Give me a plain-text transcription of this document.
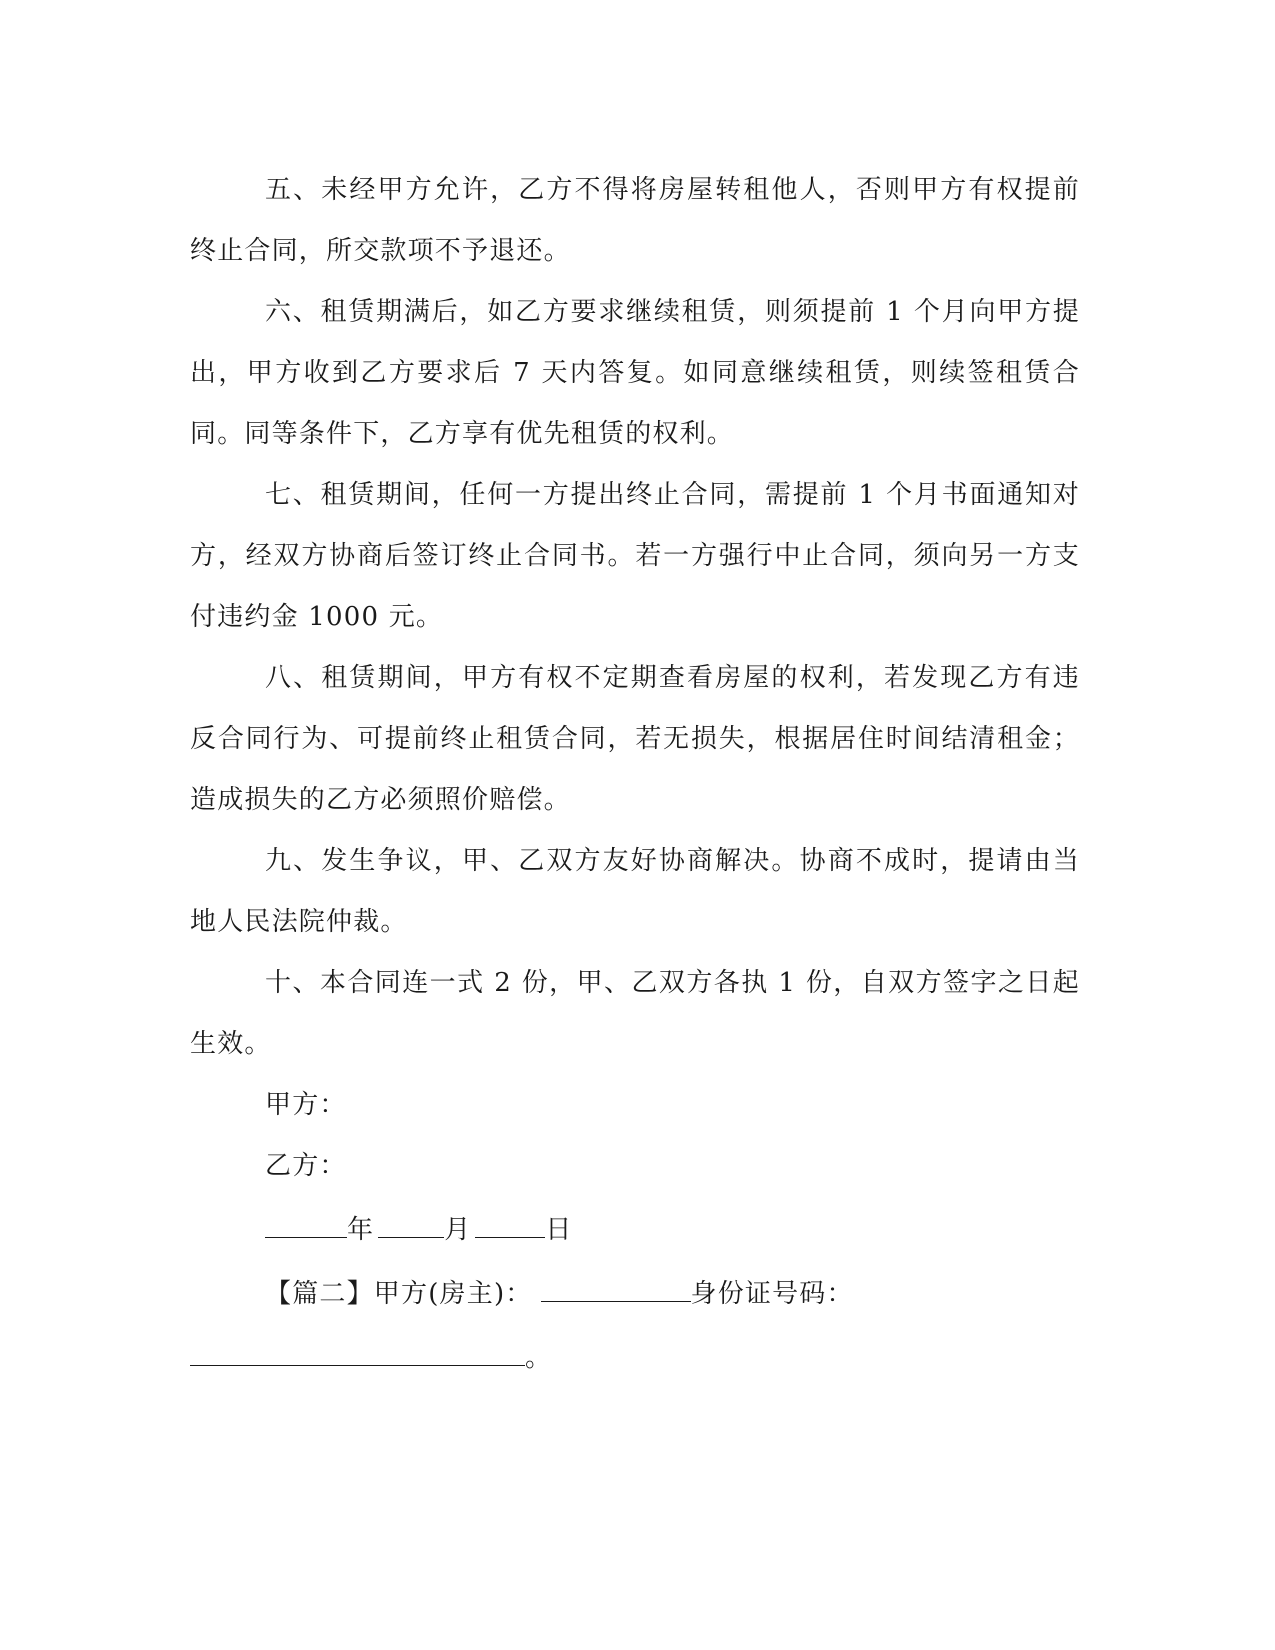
五、未经甲方允许，乙方不得将房屋转租他人，否则甲方有权提前终止合同，所交款项不予退还。

六、租赁期满后，如乙方要求继续租赁，则须提前 1 个月向甲方提出，甲方收到乙方要求后 7 天内答复。如同意继续租赁，则续签租赁合同。同等条件下，乙方享有优先租赁的权利。

七、租赁期间，任何一方提出终止合同，需提前 1 个月书面通知对方，经双方协商后签订终止合同书。若一方强行中止合同，须向另一方支付违约金 1000 元。

八、租赁期间，甲方有权不定期查看房屋的权利，若发现乙方有违反合同行为、可提前终止租赁合同，若无损失，根据居住时间结清租金；造成损失的乙方必须照价赔偿。

九、发生争议，甲、乙双方友好协商解决。协商不成时，提请由当地人民法院仲裁。

十、本合同连一式 2 份，甲、乙双方各执 1 份，自双方签字之日起生效。

甲方：

乙方：

年	月	日

【篇二】甲方(房主)：	身份证号码：

。
